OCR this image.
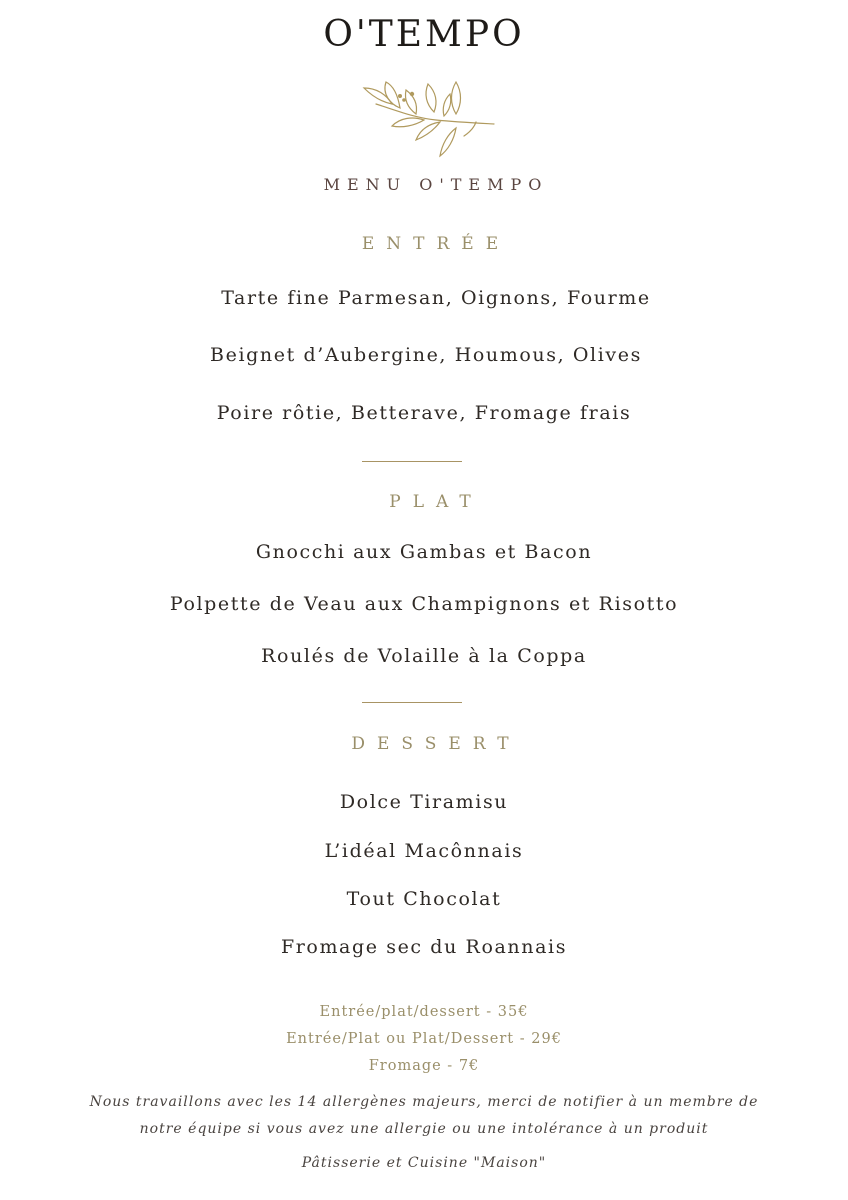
O'TEMPO
MENU O'TEMPO
ENTRÉE
Tarte fine Parmesan, Oignons, Fourme
Beignet d’Aubergine, Houmous, Olives
Poire rôtie, Betterave, Fromage frais
PLAT
Gnocchi aux Gambas et Bacon
Polpette de Veau aux Champignons et Risotto
Roulés de Volaille à la Coppa
DESSERT
Dolce Tiramisu
L’idéal Macônnais
Tout Chocolat
Fromage sec du Roannais
Entrée/plat/dessert - 35€
Entrée/Plat ou Plat/Dessert - 29€
Fromage - 7€
Nous travaillons avec les 14 allergènes majeurs, merci de notifier à un membre de
notre équipe si vous avez une allergie ou une intolérance à un produit
Pâtisserie et Cuisine "Maison"
